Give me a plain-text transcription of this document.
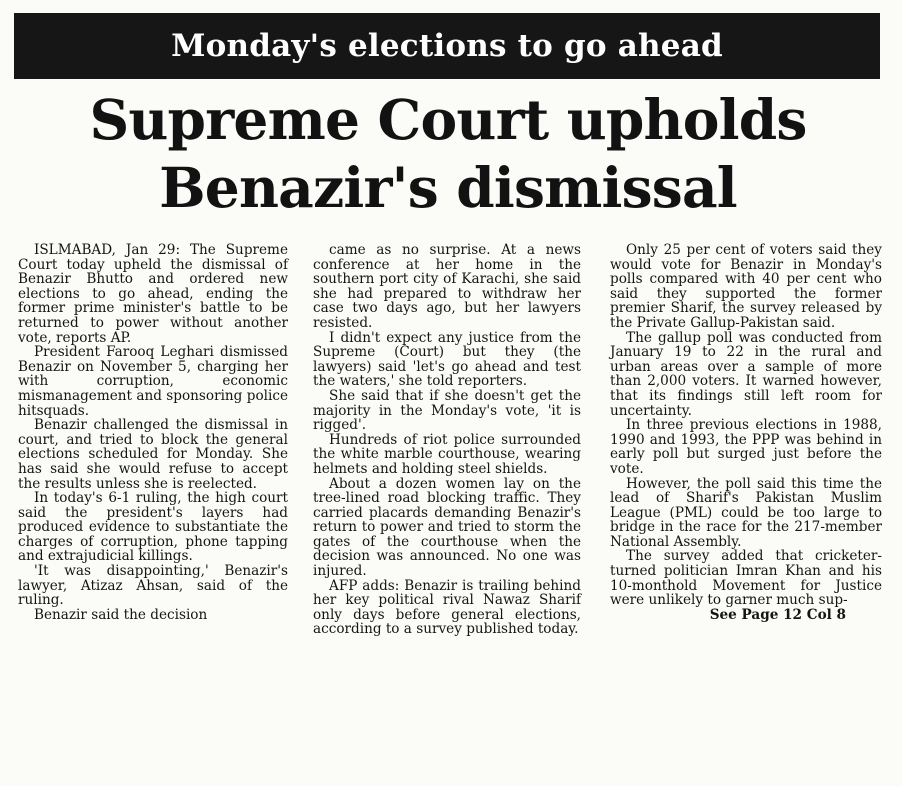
Monday's elections to go ahead
Supreme Court upholds
Benazir's dismissal

ISLMABAD, Jan 29: The Supreme Court today upheld the dismissal of Benazir Bhutto and ordered new elections to go ahead, ending the former prime minister's battle to be returned to power without another vote, reports AP.

President Farooq Leghari dismissed Benazir on November 5, charging her with corruption, economic mismanagement and sponsoring police hitsquads.

Benazir challenged the dismissal in court, and tried to block the general elections scheduled for Monday. She has said she would refuse to accept the results unless she is reelected.

In today's 6-1 ruling, the high court said the president's layers had produced evidence to substantiate the charges of corruption, phone tapping and extrajudicial killings.

'It was disappointing,' Benazir's lawyer, Atizaz Ahsan, said of the ruling.

Benazir said the decision

came as no surprise. At a news conference at her home in the southern port city of Karachi, she said she had prepared to withdraw her case two days ago, but her lawyers resisted.

I didn't expect any justice from the Supreme (Court) but they (the lawyers) said 'let's go ahead and test the waters,' she told reporters.

She said that if she doesn't get the majority in the Monday's vote, 'it is rigged'.

Hundreds of riot police surrounded the white marble courthouse, wearing helmets and holding steel shields.

About a dozen women lay on the tree-lined road blocking traffic. They carried placards demanding Benazir's return to power and tried to storm the gates of the courthouse when the decision was announced. No one was injured.

AFP adds: Benazir is trailing behind her key political rival Nawaz Sharif only days before general elections, according to a survey published today.

Only 25 per cent of voters said they would vote for Benazir in Monday's polls compared with 40 per cent who said they supported the former premier Sharif, the survey released by the Private Gallup-Pakistan said.

The gallup poll was conducted from January 19 to 22 in the rural and urban areas over a sample of more than 2,000 voters. It warned however, that its findings still left room for uncertainty.

In three previous elections in 1988, 1990 and 1993, the PPP was behind in early poll but surged just before the vote.

However, the poll said this time the lead of Sharif's Pakistan Muslim League (PML) could be too large to bridge in the race for the 217-member National Assembly.

The survey added that cricketer-turned politician Imran Khan and his 10-monthold Movement for Justice were unlikely to garner much sup-

See Page 12 Col 8
